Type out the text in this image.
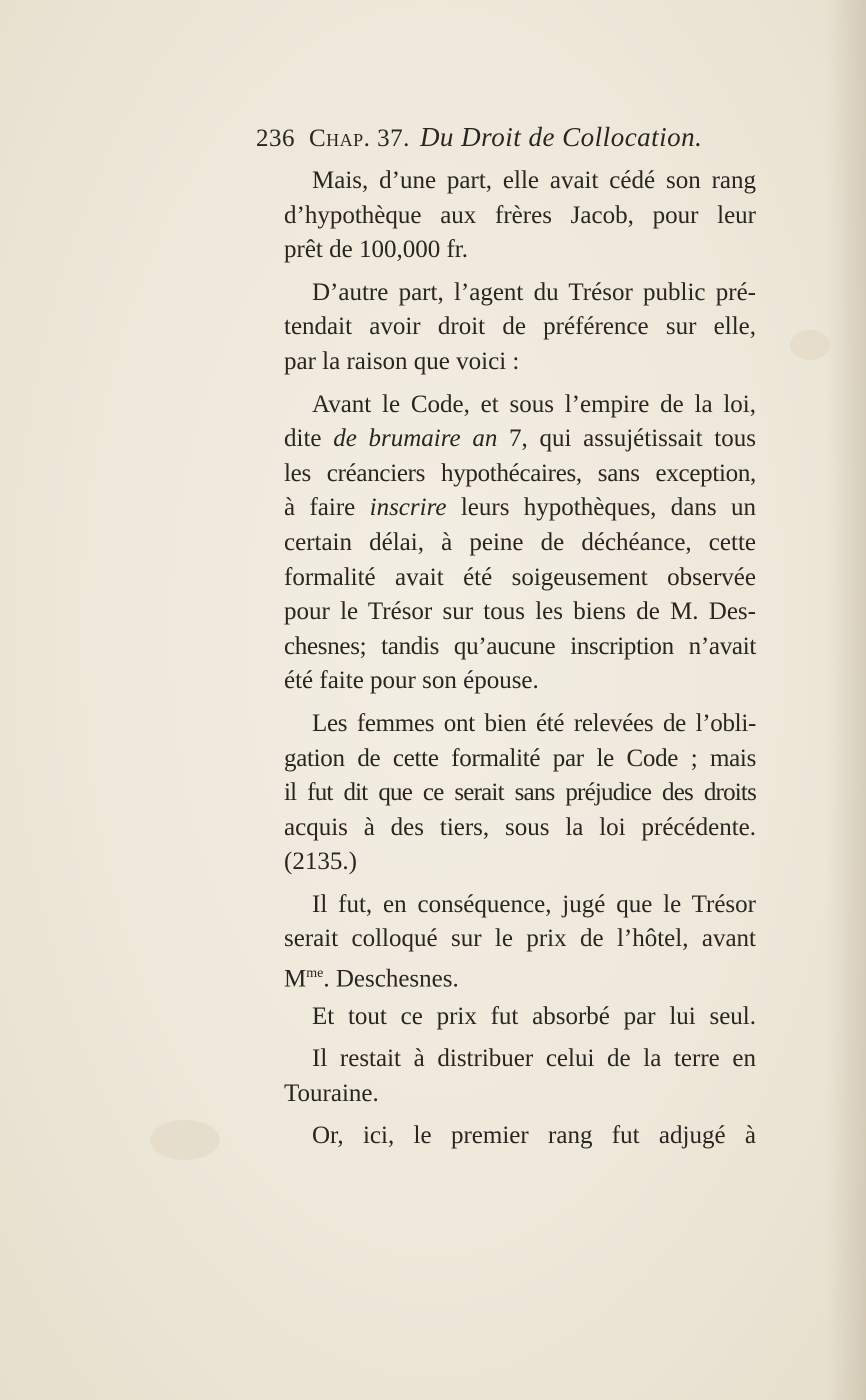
236 Chap. 37. Du Droit de Collocation.
Mais, d’une part, elle avait cédé son rang
d’hypothèque aux frères Jacob, pour leur
prêt de 100,000 fr.
D’autre part, l’agent du Trésor public pré-
tendait avoir droit de préférence sur elle,
par la raison que voici :
Avant le Code, et sous l’empire de la loi,
dite de brumaire an 7, qui assujétissait tous
les créanciers hypothécaires, sans exception,
à faire inscrire leurs hypothèques, dans un
certain délai, à peine de déchéance, cette
formalité avait été soigeusement observée
pour le Trésor sur tous les biens de M. Des-
chesnes; tandis qu’aucune inscription n’avait
été faite pour son épouse.
Les femmes ont bien été relevées de l’obli-
gation de cette formalité par le Code ; mais
il fut dit que ce serait sans préjudice des droits
acquis à des tiers, sous la loi précédente.
(2135.)
Il fut, en conséquence, jugé que le Trésor
serait colloqué sur le prix de l’hôtel, avant
$M^{me}$. Deschesnes.
Et tout ce prix fut absorbé par lui seul.
Il restait à distribuer celui de la terre en
Touraine.
Or, ici, le premier rang fut adjugé à
